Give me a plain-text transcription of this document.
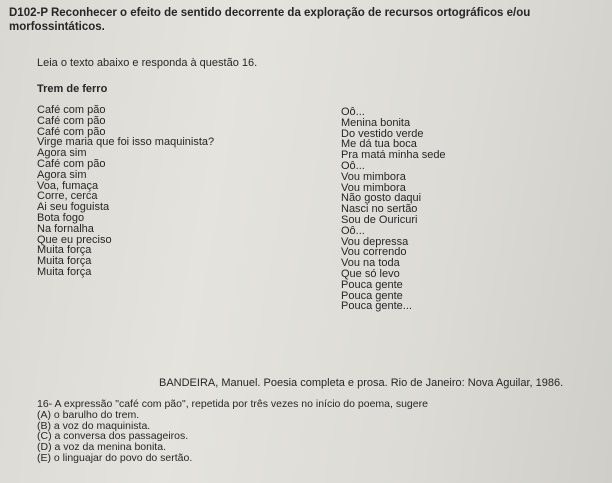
D102-P Reconhecer o efeito de sentido decorrente da exploração de recursos ortográficos e/ou
morfossintáticos.
Leia o texto abaixo e responda à questão 16.
Trem de ferro
Café com pão
Café com pão
Café com pão
Virge maria que foi isso maquinista?
Agora sim
Café com pão
Agora sim
Voa, fumaça
Corre, cerca
Ai seu foguista
Bota fogo
Na fornalha
Que eu preciso
Muita força
Muita força
Muita força
Oô...
Menina bonita
Do vestido verde
Me dá tua boca
Pra matá minha sede
Oô...
Vou mimbora
Vou mimbora
Não gosto daqui
Nasci no sertão
Sou de Ouricuri
Oô...
Vou depressa
Vou correndo
Vou na toda
Que só levo
Pouca gente
Pouca gente
Pouca gente...
BANDEIRA, Manuel. Poesia completa e prosa. Rio de Janeiro: Nova Aguilar, 1986.
16- A expressão "café com pão", repetida por três vezes no início do poema, sugere
(A) o barulho do trem.
(B) a voz do maquinista.
(C) a conversa dos passageiros.
(D) a voz da menina bonita.
(E) o linguajar do povo do sertão.
